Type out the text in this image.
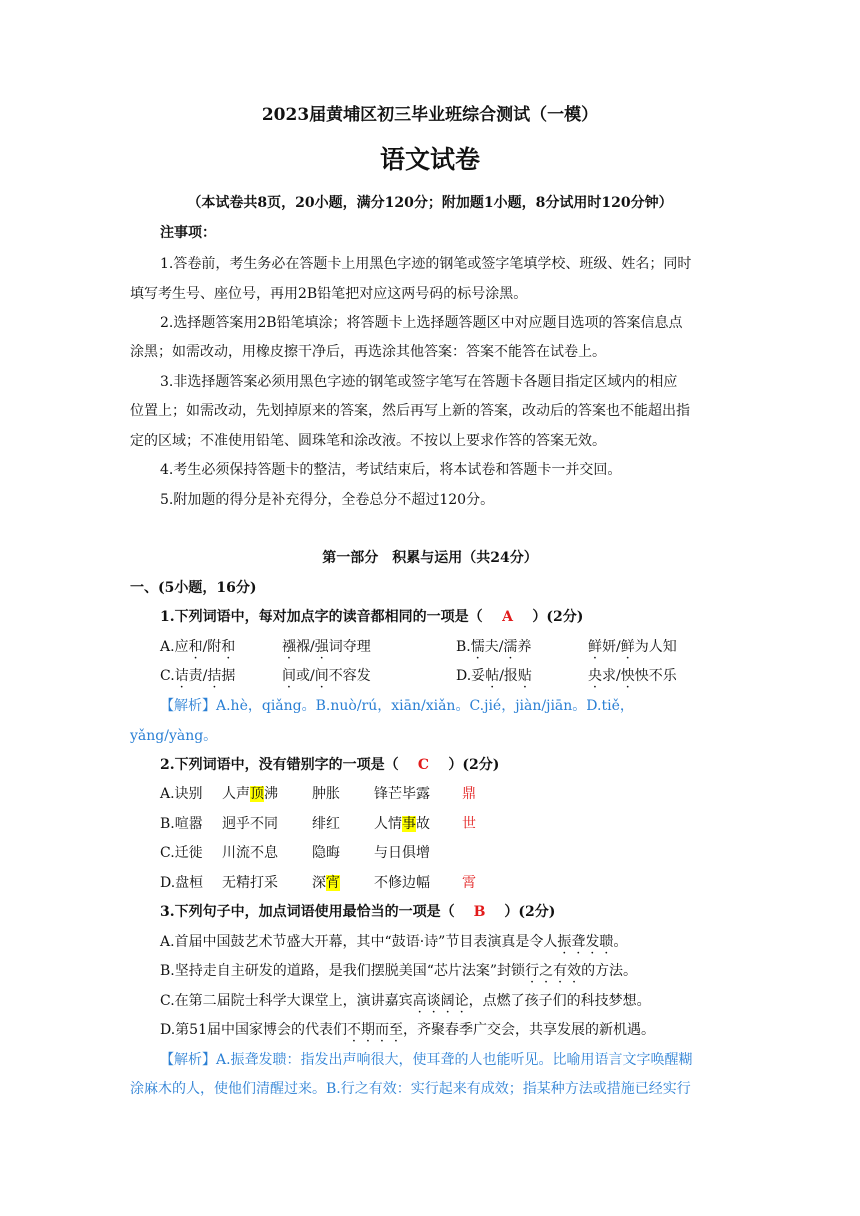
2023届黄埔区初三毕业班综合测试（一模）
语文试卷
（本试卷共8页，20小题，满分120分；附加题1小题，8分试用时120分钟）
注事项：
1.答卷前，考生务必在答题卡上用黑色字迹的钢笔或签字笔填学校、班级、姓名；同时
填写考生号、座位号，再用2B铅笔把对应这两号码的标号涂黑。
2.选择题答案用2B铅笔填涂；将答题卡上选择题答题区中对应题目选项的答案信息点
涂黑；如需改动，用橡皮擦干净后，再选涂其他答案：答案不能答在试卷上。
3.非选择题答案必须用黑色字迹的钢笔或签字笔写在答题卡各题目指定区域内的相应
位置上；如需改动，先划掉原来的答案，然后再写上新的答案，改动后的答案也不能超出指
定的区域；不准使用铅笔、圆珠笔和涂改液。不按以上要求作答的答案无效。
4.考生必须保持答题卡的整洁，考试结束后，将本试卷和答题卡一并交回。
5.附加题的得分是补充得分，全卷总分不超过120分。
第一部分　积累与运用（共24分）
一、(5小题，16分)
1.下列词语中，每对加点字的读音都相同的一项是（ A ）(2分)
A.应和/附和	襁褓/强词夺理	B.懦夫/濡养	鲜妍/鲜为人知
C.诘责/拮据	间或/间不容发	D.妥帖/报贴	央求/怏怏不乐
【解析】A.hè，qiǎng。B.nuò/rú，xiān/xiǎn。C.jié，jiàn/jiān。D.tiě，
yǎng/yàng。
2.下列词语中，没有错别字的一项是（ C ）(2分)
A.诀别 人声顶沸 肿胀 锋芒毕露 鼎
B.喧嚣 迥乎不同 绯红 人情事故 世
C.迁徙 川流不息 隐晦 与日俱增
D.盘桓 无精打采 深宵 不修边幅 霄
3.下列句子中，加点词语使用最恰当的一项是（ B ）(2分)
A.首届中国鼓艺术节盛大开幕，其中“鼓语·诗”节目表演真是令人振聋发聩。
B.坚持走自主研发的道路，是我们摆脱美国“芯片法案”封锁行之有效的方法。
C.在第二届院士科学大课堂上，演讲嘉宾高谈阔论，点燃了孩子们的科技梦想。
D.第51届中国家博会的代表们不期而至，齐聚春季广交会，共享发展的新机遇。
【解析】A.振聋发聩：指发出声响很大，使耳聋的人也能听见。比喻用语言文字唤醒糊
涂麻木的人，使他们清醒过来。B.行之有效：实行起来有成效；指某种方法或措施已经实行
